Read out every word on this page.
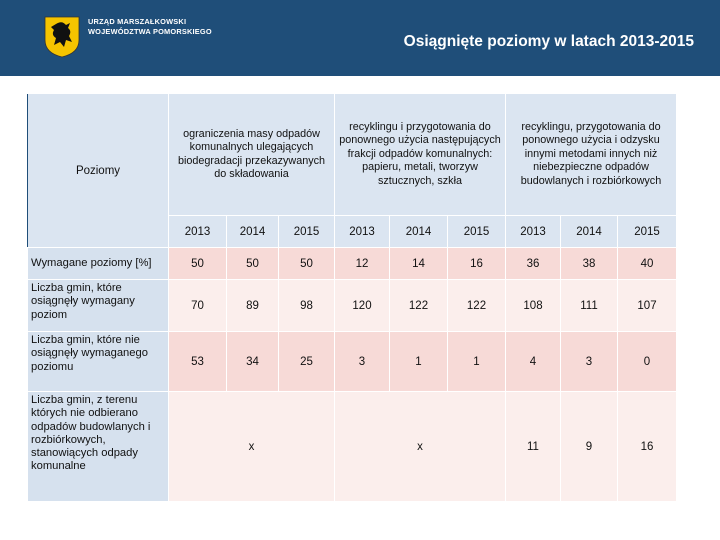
URZĄD MARSZAŁKOWSKI
WOJEWÓDZTWA POMORSKIEGO
Osiągnięte poziomy w latach 2013-2015
Poziomy	ograniczenia masy odpadów komunalnych ulegających biodegradacji przekazywanych do składowania			recyklingu i przygotowania do ponownego użycia następujących frakcji odpadów komunalnych: papieru, metali, tworzyw sztucznych, szkła			recyklingu, przygotowania do ponownego użycia i odzysku innymi metodami innych niż niebezpieczne odpadów budowlanych i rozbiórkowych		

	2013	2014	2015	2013	2014	2015	2013	2014	2015
Wymagane poziomy [%]	50	50	50	12	14	16	36	38	40
Liczba gmin, które osiągnęły wymagany poziom	70	89	98	120	122	122	108	111	107
Liczba gmin, które nie osiągnęły wymaganego poziomu	53	34	25	3	1	1	4	3	0
Liczba gmin, z terenu których nie odbierano odpadów budowlanych i rozbiórkowych, stanowiących odpady komunalne	x			x			11	9	16
